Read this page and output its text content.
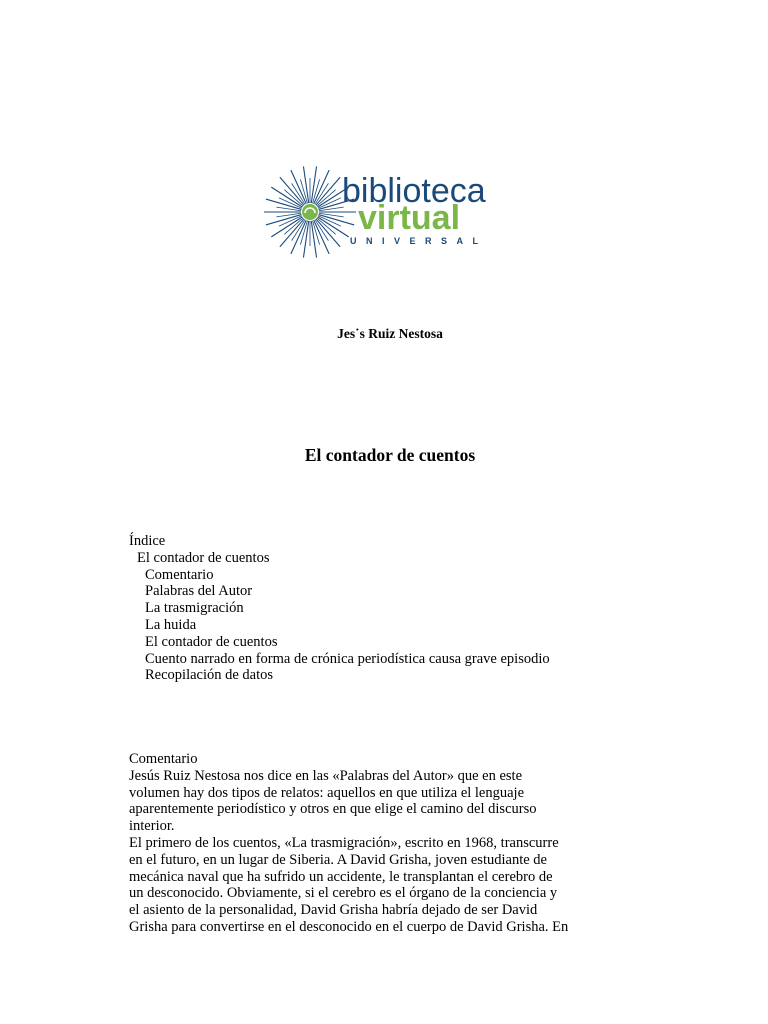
biblioteca
virtual
UNIVERSAL
Jes˙s Ruiz Nestosa
El contador de cuentos
Índice
El contador de cuentos
Comentario
Palabras del Autor
La trasmigración
La huida
El contador de cuentos
Cuento narrado en forma de crónica periodística causa grave episodio
Recopilación de datos

Comentario

Jesús Ruiz Nestosa nos dice en las «Palabras del Autor» que en este

volumen hay dos tipos de relatos: aquellos en que utiliza el lenguaje

aparentemente periodístico y otros en que elige el camino del discurso

interior.

El primero de los cuentos, «La trasmigración», escrito en 1968, transcurre

en el futuro, en un lugar de Siberia. A David Grisha, joven estudiante de

mecánica naval que ha sufrido un accidente, le transplantan el cerebro de

un desconocido. Obviamente, si el cerebro es el órgano de la conciencia y

el asiento de la personalidad, David Grisha habría dejado de ser David

Grisha para convertirse en el desconocido en el cuerpo de David Grisha. En
